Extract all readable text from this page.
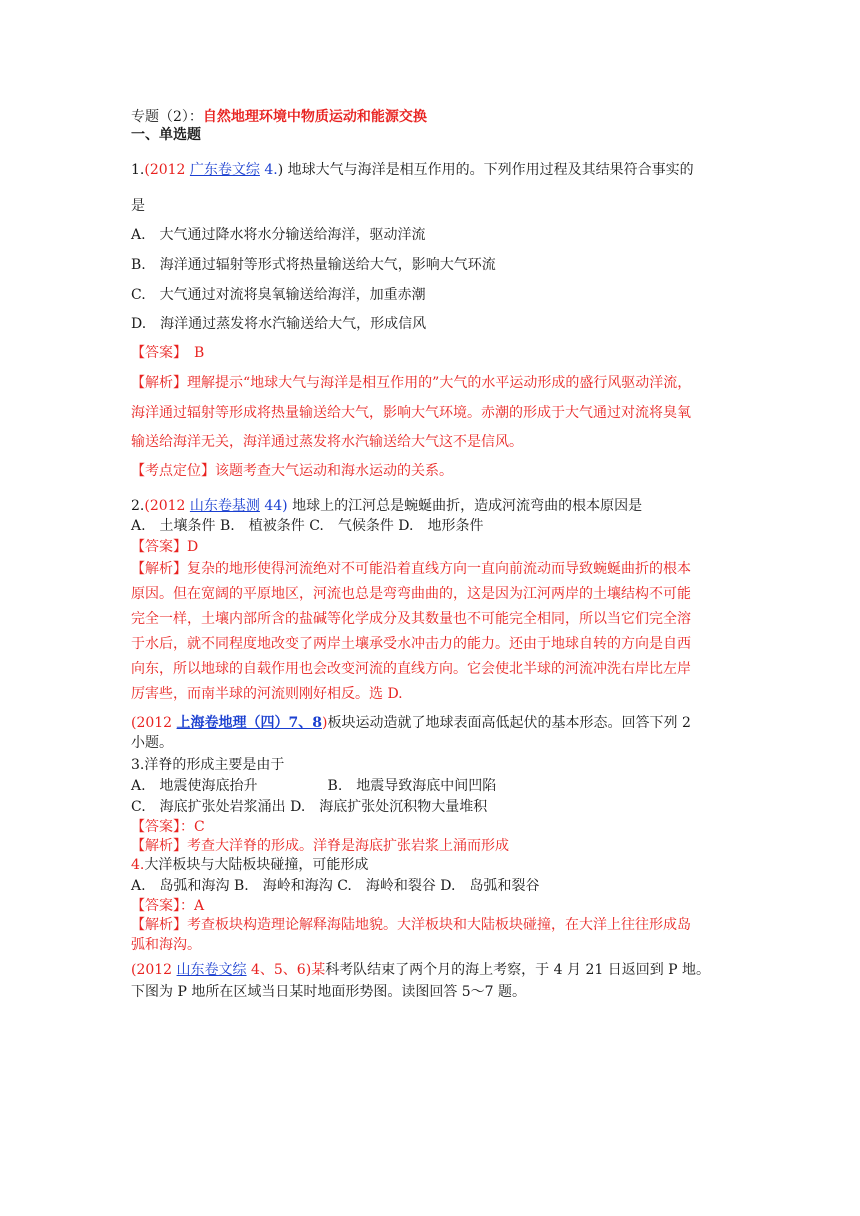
专题（2）：自然地理环境中物质运动和能源交换
一、单选题
1.(2012 广东卷文综 4.) 地球大气与海洋是相互作用的。下列作用过程及其结果符合事实的
是
A.　大气通过降水将水分输送给海洋，驱动洋流
B.　海洋通过辐射等形式将热量输送给大气，影响大气环流
C.　大气通过对流将臭氧输送给海洋，加重赤潮
D.　海洋通过蒸发将水汽输送给大气，形成信风
【答案】　B
【解析】理解提示“地球大气与海洋是相互作用的”大气的水平运动形成的盛行风驱动洋流，
海洋通过辐射等形成将热量输送给大气，影响大气环境。赤潮的形成于大气通过对流将臭氧
输送给海洋无关，海洋通过蒸发将水汽输送给大气这不是信风。
【考点定位】该题考查大气运动和海水运动的关系。
2.(2012 山东卷基测 44) 地球上的江河总是蜿蜒曲折，造成河流弯曲的根本原因是
A.　土壤条件 B.　植被条件 C.　气候条件 D.　地形条件
【答案】D
【解析】复杂的地形使得河流绝对不可能沿着直线方向一直向前流动而导致蜿蜒曲折的根本
原因。但在宽阔的平原地区，河流也总是弯弯曲曲的，这是因为江河两岸的土壤结构不可能
完全一样，土壤内部所含的盐碱等化学成分及其数量也不可能完全相同，所以当它们完全溶
于水后，就不同程度地改变了两岸土壤承受水冲击力的能力。还由于地球自转的方向是自西
向东，所以地球的自载作用也会改变河流的直线方向。它会使北半球的河流冲洗右岸比左岸
厉害些，而南半球的河流则刚好相反。选 D.
(2012 上海卷地理（四）7、8)板块运动造就了地球表面高低起伏的基本形态。回答下列 2
小题。
3.洋脊的形成主要是由于
A.　地震使海底抬升　　　　　B.　地震导致海底中间凹陷
C.　海底扩张处岩浆涌出 D.　海底扩张处沉积物大量堆积
【答案】：C
【解析】考查大洋脊的形成。洋脊是海底扩张岩浆上涌而形成
4.大洋板块与大陆板块碰撞，可能形成
A.　岛弧和海沟 B.　海岭和海沟 C.　海岭和裂谷 D.　岛弧和裂谷
【答案】：A
【解析】考查板块构造理论解释海陆地貌。大洋板块和大陆板块碰撞，在大洋上往往形成岛
弧和海沟。
(2012 山东卷文综 4、5、6)某科考队结束了两个月的海上考察，于 4 月 21 日返回到 P 地。
下图为 P 地所在区域当日某时地面形势图。读图回答 5～7 题。
